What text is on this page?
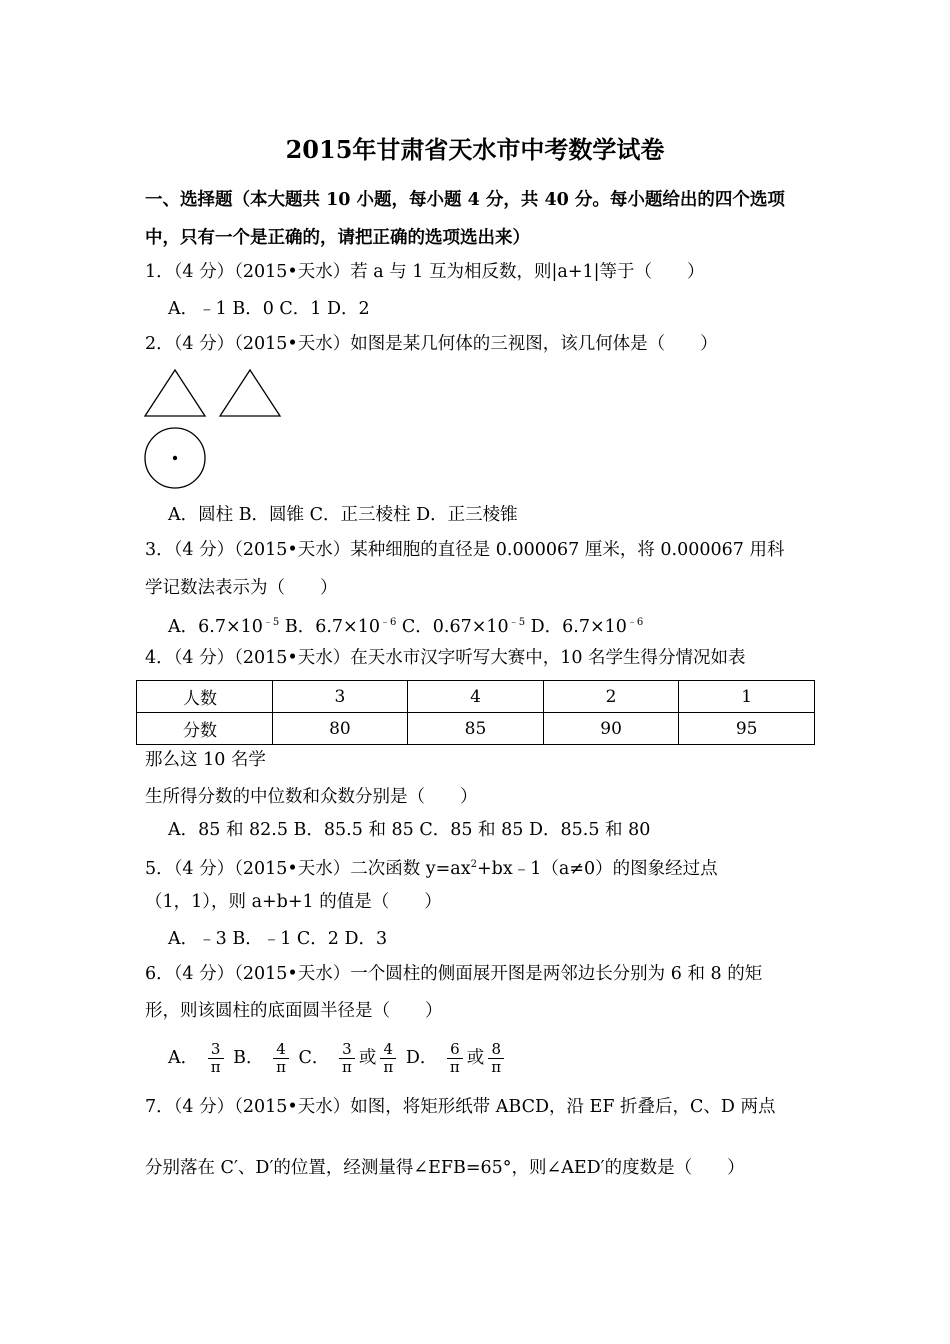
2015年甘肃省天水市中考数学试卷
一、选择题（本大题共 10 小题，每小题 4 分，共 40 分。每小题给出的四个选项
中，只有一个是正确的，请把正确的选项选出来）
1．（4 分）（2015•天水）若 a 与 1 互为相反数，则|a+1|等于（　　）
A．﹣1 B．0 C．1 D．2
2．（4 分）（2015•天水）如图是某几何体的三视图，该几何体是（　　）
A．圆柱 B．圆锥 C．正三棱柱 D．正三棱锥
3．（4 分）（2015•天水）某种细胞的直径是 0.000067 厘米，将 0.000067 用科
学记数法表示为（　　）
A．$6.7\times 10^{﹣5}$ B．$6.7\times 10^{﹣6}$ C．$0.67\times 10^{﹣5}$ D．$6.7\times 10^{﹣6}$
4．（4 分）（2015•天水）在天水市汉字听写大赛中，10 名学生得分情况如表
人数	3	4	2	1
分数	80	85	90	95
那么这 10 名学
生所得分数的中位数和众数分别是（　　）
A．85 和 82.5 B．85.5 和 85 C．85 和 85 D．85.5 和 80
5．（4 分）（2015•天水）二次函数 $y=ax^2+bx﹣1(a\ne 0)$的图象经过点
（1，1），则 a+b+1 的值是（　　）
A．﹣3 B．﹣1 C．2 D．3
6．（4 分）（2015•天水）一个圆柱的侧面展开图是两邻边长分别为 6 和 8 的矩
形，则该圆柱的底面圆半径是（　　）
A． $\frac{3}{\pi}$ B． $\frac{4}{\pi}$ C． $\frac{3}{\pi}$ 或 $\frac{4}{\pi}$ D． $\frac{6}{\pi}$ 或 $\frac{8}{\pi}$
7．（4 分）（2015•天水）如图，将矩形纸带 ABCD，沿 EF 折叠后，C、D 两点
分别落在 C′、D′的位置，经测量得∠EFB=65°，则∠AED′的度数是（　　）
